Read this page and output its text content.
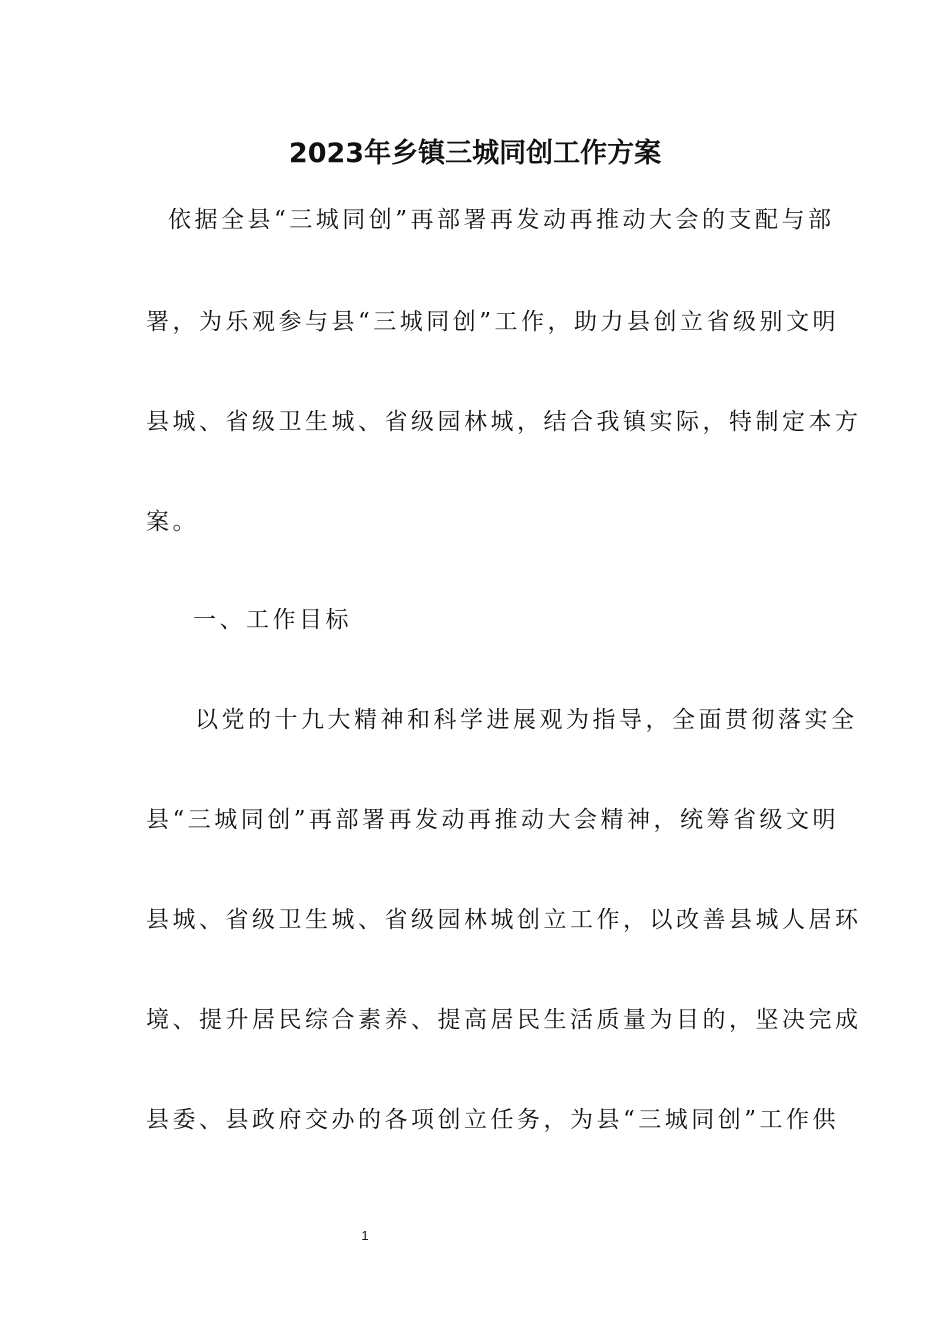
2023年乡镇三城同创工作方案

依据全县“三城同创”再部署再发动再推动大会的支配与部

署，为乐观参与县“三城同创”工作，助力县创立省级别文明

县城、省级卫生城、省级园林城，结合我镇实际，特制定本方

案。

一、工作目标

以党的十九大精神和科学进展观为指导，全面贯彻落实全

县“三城同创”再部署再发动再推动大会精神，统筹省级文明

县城、省级卫生城、省级园林城创立工作，以改善县城人居环

境、提升居民综合素养、提高居民生活质量为目的，坚决完成

县委、县政府交办的各项创立任务，为县“三城同创”工作供

1
